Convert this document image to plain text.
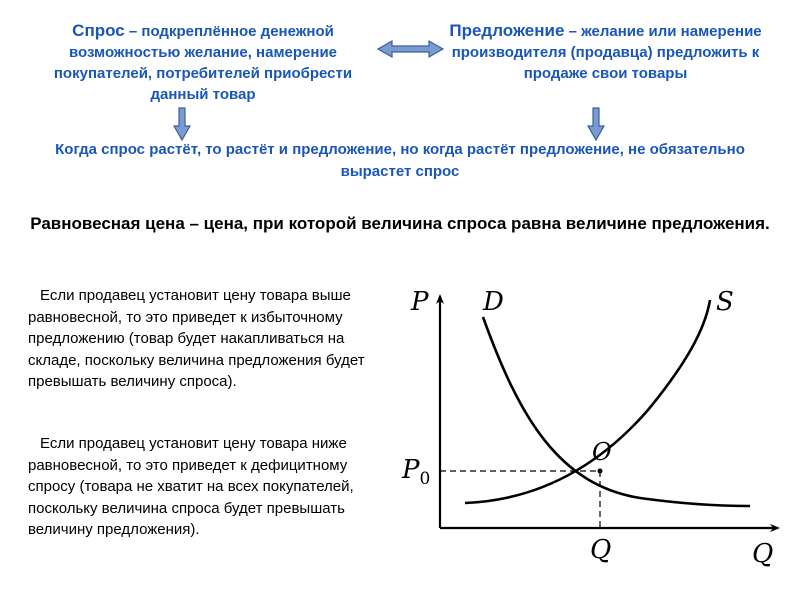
Спрос – подкреплённое денежной возможностью желание, намерение покупателей, потребителей приобрести данный товар
Предложение – желание или намерение производителя (продавца) предложить к продаже свои товары
Когда спрос растёт, то растёт и предложение, но когда растёт предложение, не обязательно вырастет спрос
Равновесная цена – цена, при которой величина спроса равна величине предложения.
Если продавец установит цену товара выше равновесной, то это приведет к избыточному предложению (товар будет накапливаться на складе, поскольку величина предложения будет превышать величину спроса).
Если продавец установит цену товара ниже равновесной, то это приведет к дефицитному спросу (товара не хватит на всех покупателей, поскольку величина спроса будет превышать величину предложения).
P D	S
O
$P_0$
Q	Q
